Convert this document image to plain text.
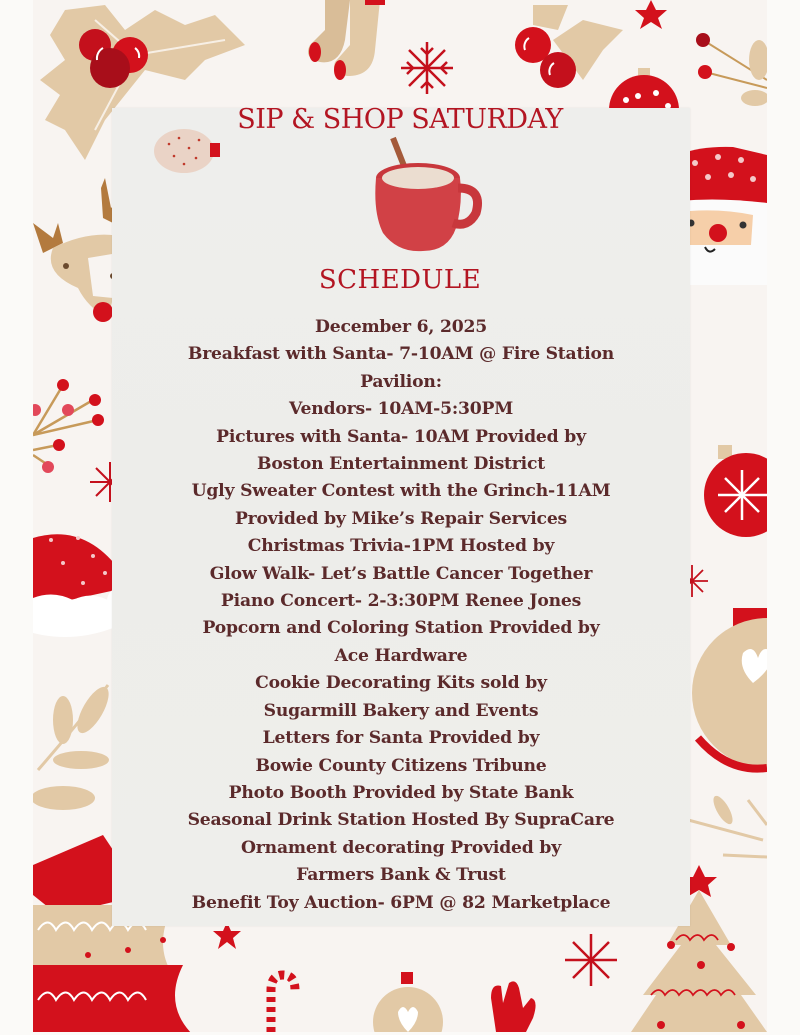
SIP & SHOP SATURDAY
SCHEDULE
December 6, 2025
Breakfast with Santa- 7-10AM @ Fire Station
Pavilion:
Vendors- 10AM-5:30PM
Pictures with Santa- 10AM Provided by
Boston Entertainment District
Ugly Sweater Contest with the Grinch-11AM
Provided by Mike’s Repair Services
Christmas Trivia-1PM Hosted by
Glow Walk- Let’s Battle Cancer Together
Piano Concert- 2-3:30PM Renee Jones
Popcorn and Coloring Station Provided by
Ace Hardware
Cookie Decorating Kits sold by
Sugarmill Bakery and Events
Letters for Santa Provided by
Bowie County Citizens Tribune
Photo Booth Provided by State Bank
Seasonal Drink Station Hosted By SupraCare
Ornament decorating Provided by
Farmers Bank & Trust
Benefit Toy Auction- 6PM @ 82 Marketplace
